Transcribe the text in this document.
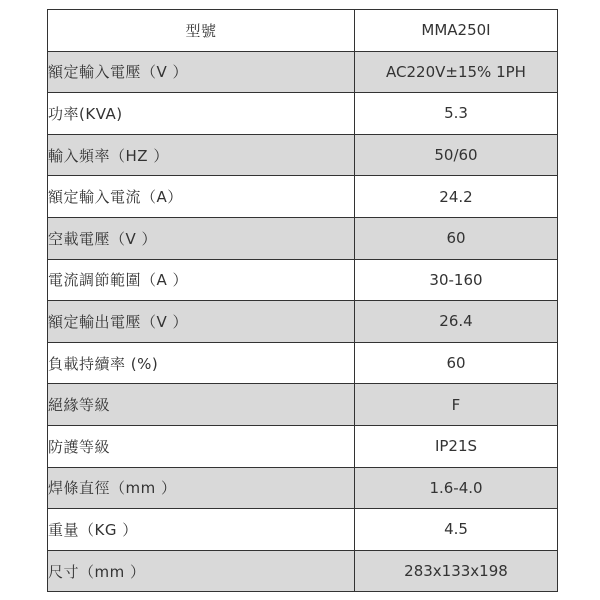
型號	MMA250I
額定輸入電壓（V ）	AC220V±15% 1PH
功率(KVA)	5.3
輸入頻率（HZ ）	50/60
額定輸入電流（A）	24.2
空載電壓（V ）	60
電流調節範圍（A ）	30-160
額定輸出電壓（V ）	26.4
負載持續率 (%)	60
絕緣等級	F
防護等級	IP21S
焊條直徑（mm ）	1.6-4.0
重量（KG ）	4.5
尺寸（mm ）	283x133x198
